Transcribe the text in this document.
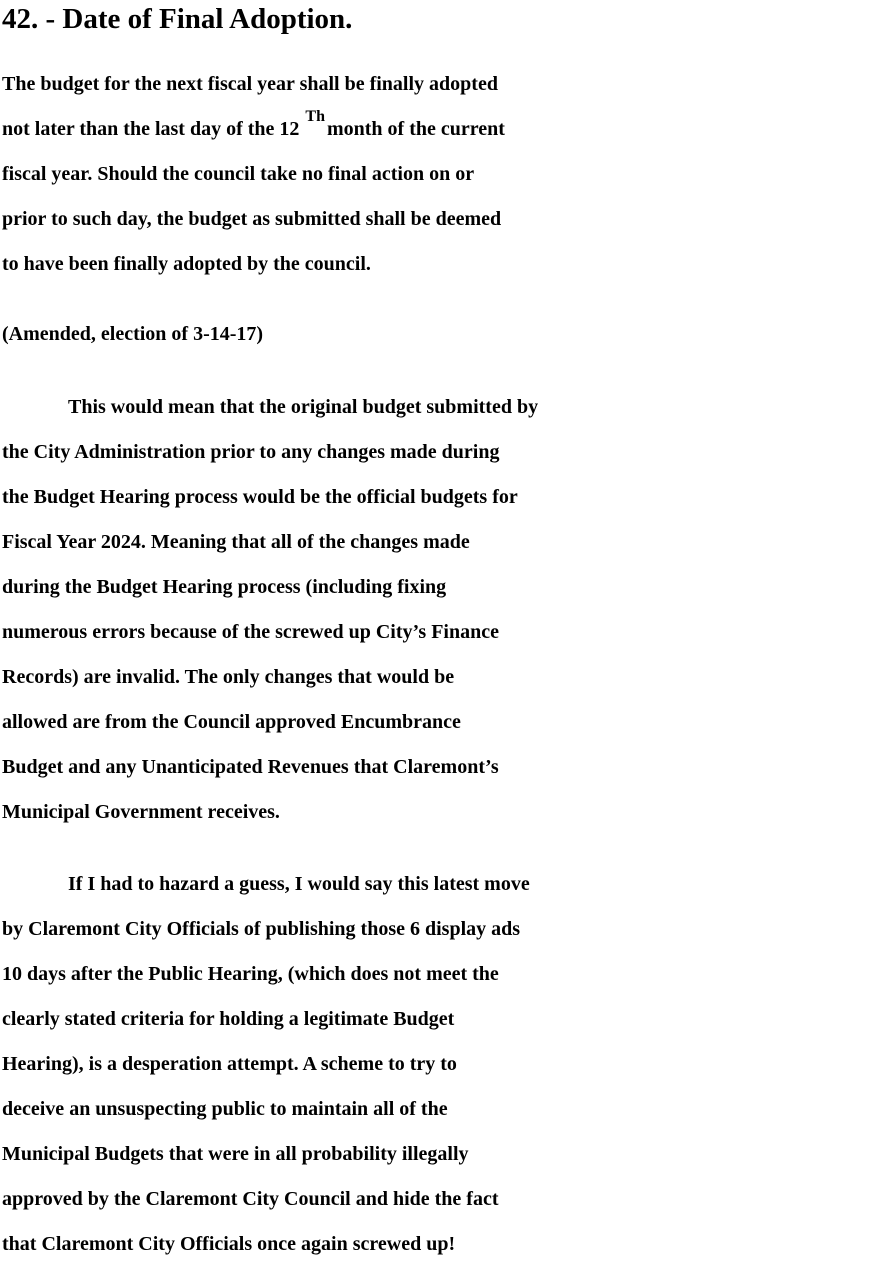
42. - Date of Final Adoption.
The budget for the next fiscal year shall be finally adopted
not later than the last day of the 12Thmonth of the current
fiscal year. Should the council take no final action on or
prior to such day, the budget as submitted shall be deemed
to have been finally adopted by the council.
(Amended, election of 3-14-17)
This would mean that the original budget submitted by
the City Administration prior to any changes made during
the Budget Hearing process would be the official budgets for
Fiscal Year 2024. Meaning that all of the changes made
during the Budget Hearing process (including fixing
numerous errors because of the screwed up City’s Finance
Records) are invalid. The only changes that would be
allowed are from the Council approved Encumbrance
Budget and any Unanticipated Revenues that Claremont’s
Municipal Government receives.
If I had to hazard a guess, I would say this latest move
by Claremont City Officials of publishing those 6 display ads
10 days after the Public Hearing, (which does not meet the
clearly stated criteria for holding a legitimate Budget
Hearing), is a desperation attempt. A scheme to try to
deceive an unsuspecting public to maintain all of the
Municipal Budgets that were in all probability illegally
approved by the Claremont City Council and hide the fact
that Claremont City Officials once again screwed up!
